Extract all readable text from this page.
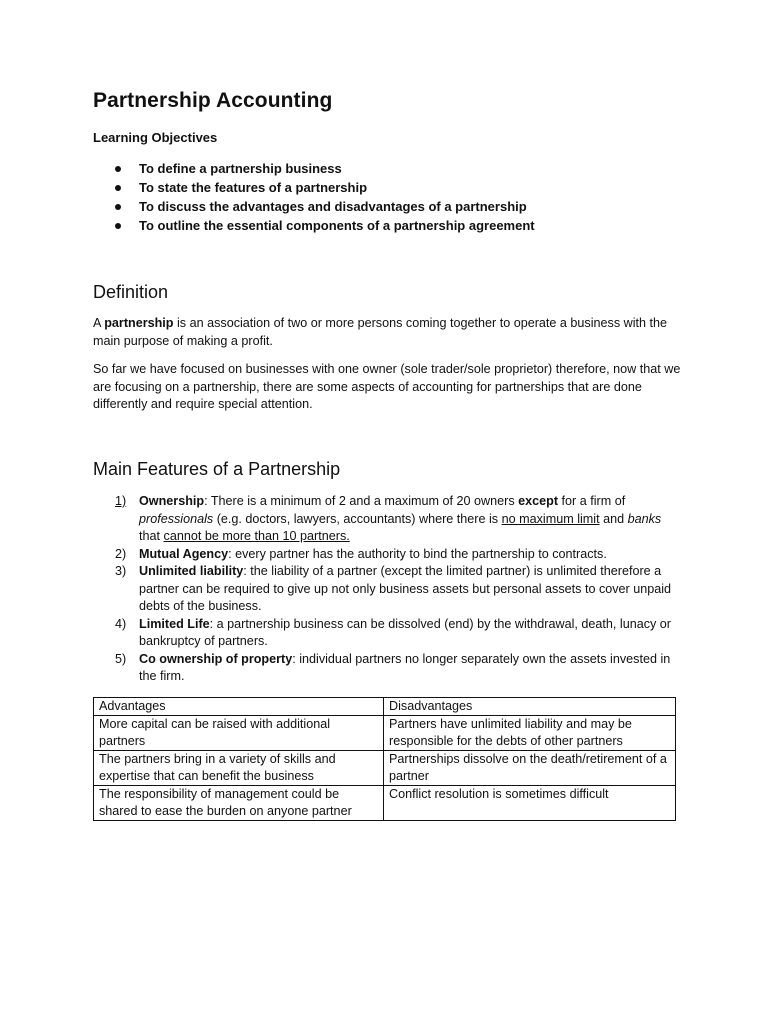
Partnership Accounting
Learning Objectives
To define a partnership business
To state the features of a partnership
To discuss the advantages and disadvantages of a partnership
To outline the essential components of a partnership agreement
Definition

A partnership is an association of two or more persons coming together to operate a business with the main purpose of making a profit.

So far we have focused on businesses with one owner (sole trader/sole proprietor) therefore, now that we are focusing on a partnership, there are some aspects of accounting for partnerships that are done differently and require special attention.

Main Features of a Partnership
1) Ownership: There is a minimum of 2 and a maximum of 20 owners except for a firm of professionals (e.g. doctors, lawyers, accountants) where there is no maximum limit and banks that cannot be more than 10 partners.
2) Mutual Agency: every partner has the authority to bind the partnership to contracts.
3) Unlimited liability: the liability of a partner (except the limited partner) is unlimited therefore a partner can be required to give up not only business assets but personal assets to cover unpaid debts of the business.
4) Limited Life: a partnership business can be dissolved (end) by the withdrawal, death, lunacy or bankruptcy of partners.
5) Co ownership of property: individual partners no longer separately own the assets invested in the firm.
Advantages	Disadvantages
More capital can be raised with additional partners	Partners have unlimited liability and may be responsible for the debts of other partners
The partners bring in a variety of skills and expertise that can benefit the business	Partnerships dissolve on the death/retirement of a partner
The responsibility of management could be shared to ease the burden on anyone partner	Conflict resolution is sometimes difficult
